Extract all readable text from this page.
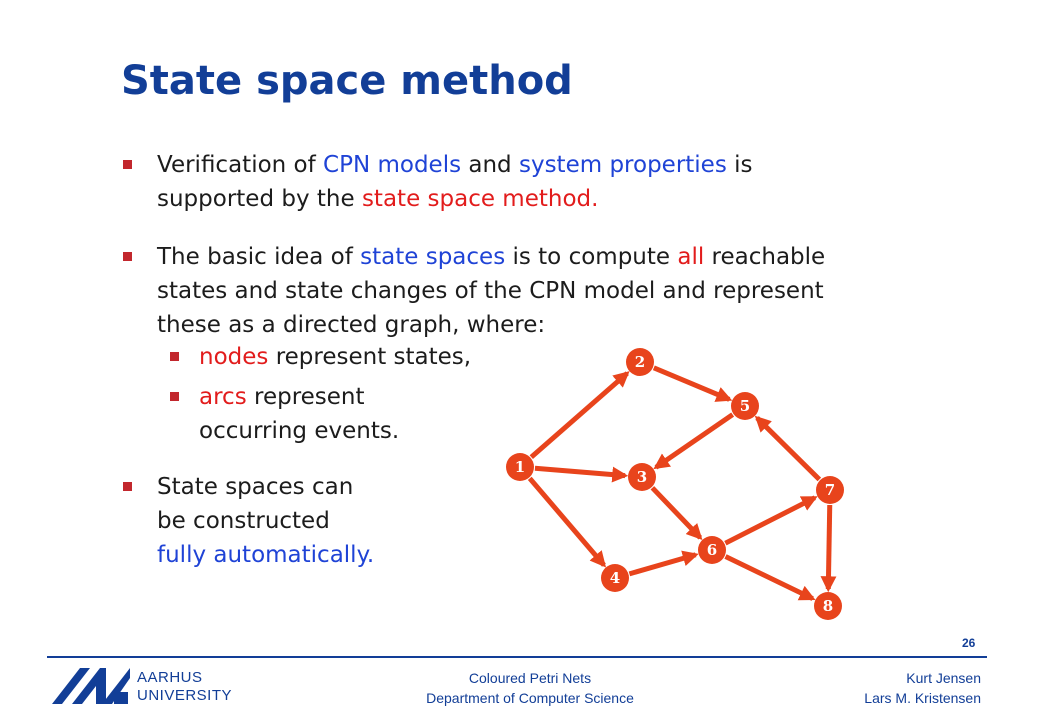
State space method
Verification of CPN models and system properties is
supported by the state space method.
The basic idea of state spaces is to compute all reachable
states and state changes of the CPN model and represent
these as a directed graph, where:
nodes represent states,
arcs represent
occurring events.
State spaces can
be constructed
fully automatically.
1
2
3
4
5
6
7
8
26
AARHUS
UNIVERSITY
Coloured Petri Nets
Department of Computer Science
Kurt Jensen
Lars M. Kristensen
